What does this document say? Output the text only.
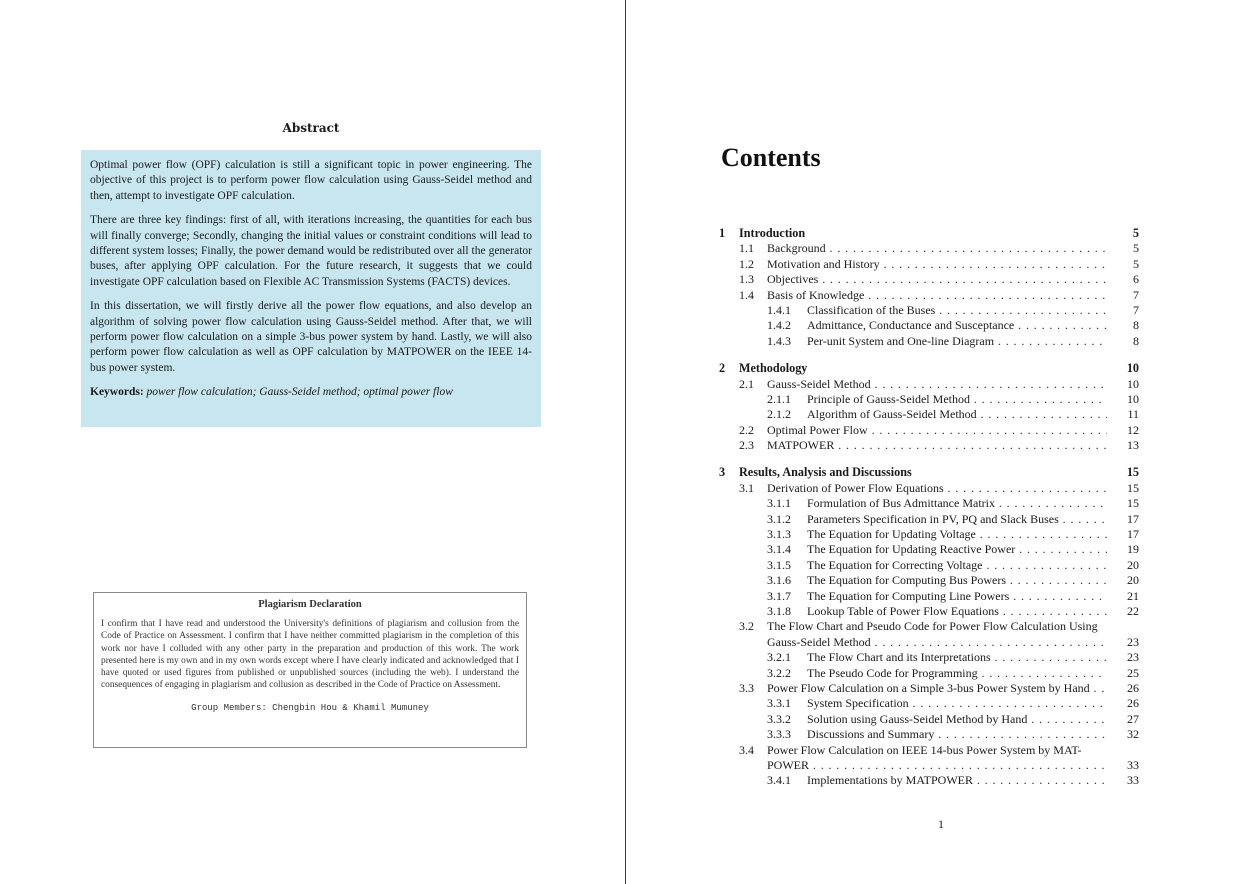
Abstract

Optimal power flow (OPF) calculation is still a significant topic in power engineering. The objective of this project is to perform power flow calculation using Gauss-Seidel method and then, attempt to investigate OPF calculation.

There are three key findings: first of all, with iterations increasing, the quantities for each bus will finally converge; Secondly, changing the initial values or constraint conditions will lead to different system losses; Finally, the power demand would be redistributed over all the generator buses, after applying OPF calculation. For the future research, it suggests that we could investigate OPF calculation based on Flexible AC Transmission Systems (FACTS) devices.

In this dissertation, we will firstly derive all the power flow equations, and also develop an algorithm of solving power flow calculation using Gauss-Seidel method. After that, we will perform power flow calculation on a simple 3-bus power system by hand. Lastly, we will also perform power flow calculation as well as OPF calculation by MATPOWER on the IEEE 14-bus power system.

Keywords: power flow calculation; Gauss-Seidel method; optimal power flow

Plagiarism Declaration

I confirm that I have read and understood the University's definitions of plagiarism and collusion from the Code of Practice on Assessment. I confirm that I have neither committed plagiarism in the completion of this work nor have I colluded with any other party in the preparation and production of this work. The work presented here is my own and in my own words except where I have clearly indicated and acknowledged that I have quoted or used figures from published or unpublished sources (including the web). I understand the consequences of engaging in plagiarism and collusion as described in the Code of Practice on Assessment.

Group Members: Chengbin Hou & Khamil Mumuney
Contents
1 Introduction	5
1.1 Background . . .	5
1.2 Motivation and History . . .	5
1.3 Objectives . . .	6
1.4 Basis of Knowledge . . .	7
1.4.1 Classification of the Buses . . .	7
1.4.2 Admittance, Conductance and Susceptance . . .	8
1.4.3 Per-unit System and One-line Diagram . . .	8
2 Methodology	10
2.1 Gauss-Seidel Method . . .	10
2.1.1 Principle of Gauss-Seidel Method . . .	10
2.1.2 Algorithm of Gauss-Seidel Method . . .	11
2.2 Optimal Power Flow . . .	12
2.3 MATPOWER . . .	13
3 Results, Analysis and Discussions	15
3.1 Derivation of Power Flow Equations . . .	15
3.1.1 Formulation of Bus Admittance Matrix . . .	15
3.1.2 Parameters Specification in PV, PQ and Slack Buses . . .	17
3.1.3 The Equation for Updating Voltage . . .	17
3.1.4 The Equation for Updating Reactive Power . . .	19
3.1.5 The Equation for Correcting Voltage . . .	20
3.1.6 The Equation for Computing Bus Powers . . .	20
3.1.7 The Equation for Computing Line Powers . . .	21
3.1.8 Lookup Table of Power Flow Equations . . .	22
3.2 The Flow Chart and Pseudo Code for Power Flow Calculation Using
Gauss-Seidel Method . . .	23
3.2.1 The Flow Chart and its Interpretations . . .	23
3.2.2 The Pseudo Code for Programming . . .	25
3.3 Power Flow Calculation on a Simple 3-bus Power System by Hand . . .	26
3.3.1 System Specification . . .	26
3.3.2 Solution using Gauss-Seidel Method by Hand . . .	27
3.3.3 Discussions and Summary . . .	32
3.4 Power Flow Calculation on IEEE 14-bus Power System by MAT-
POWER . . .	33
3.4.1 Implementations by MATPOWER . . .	33
1
